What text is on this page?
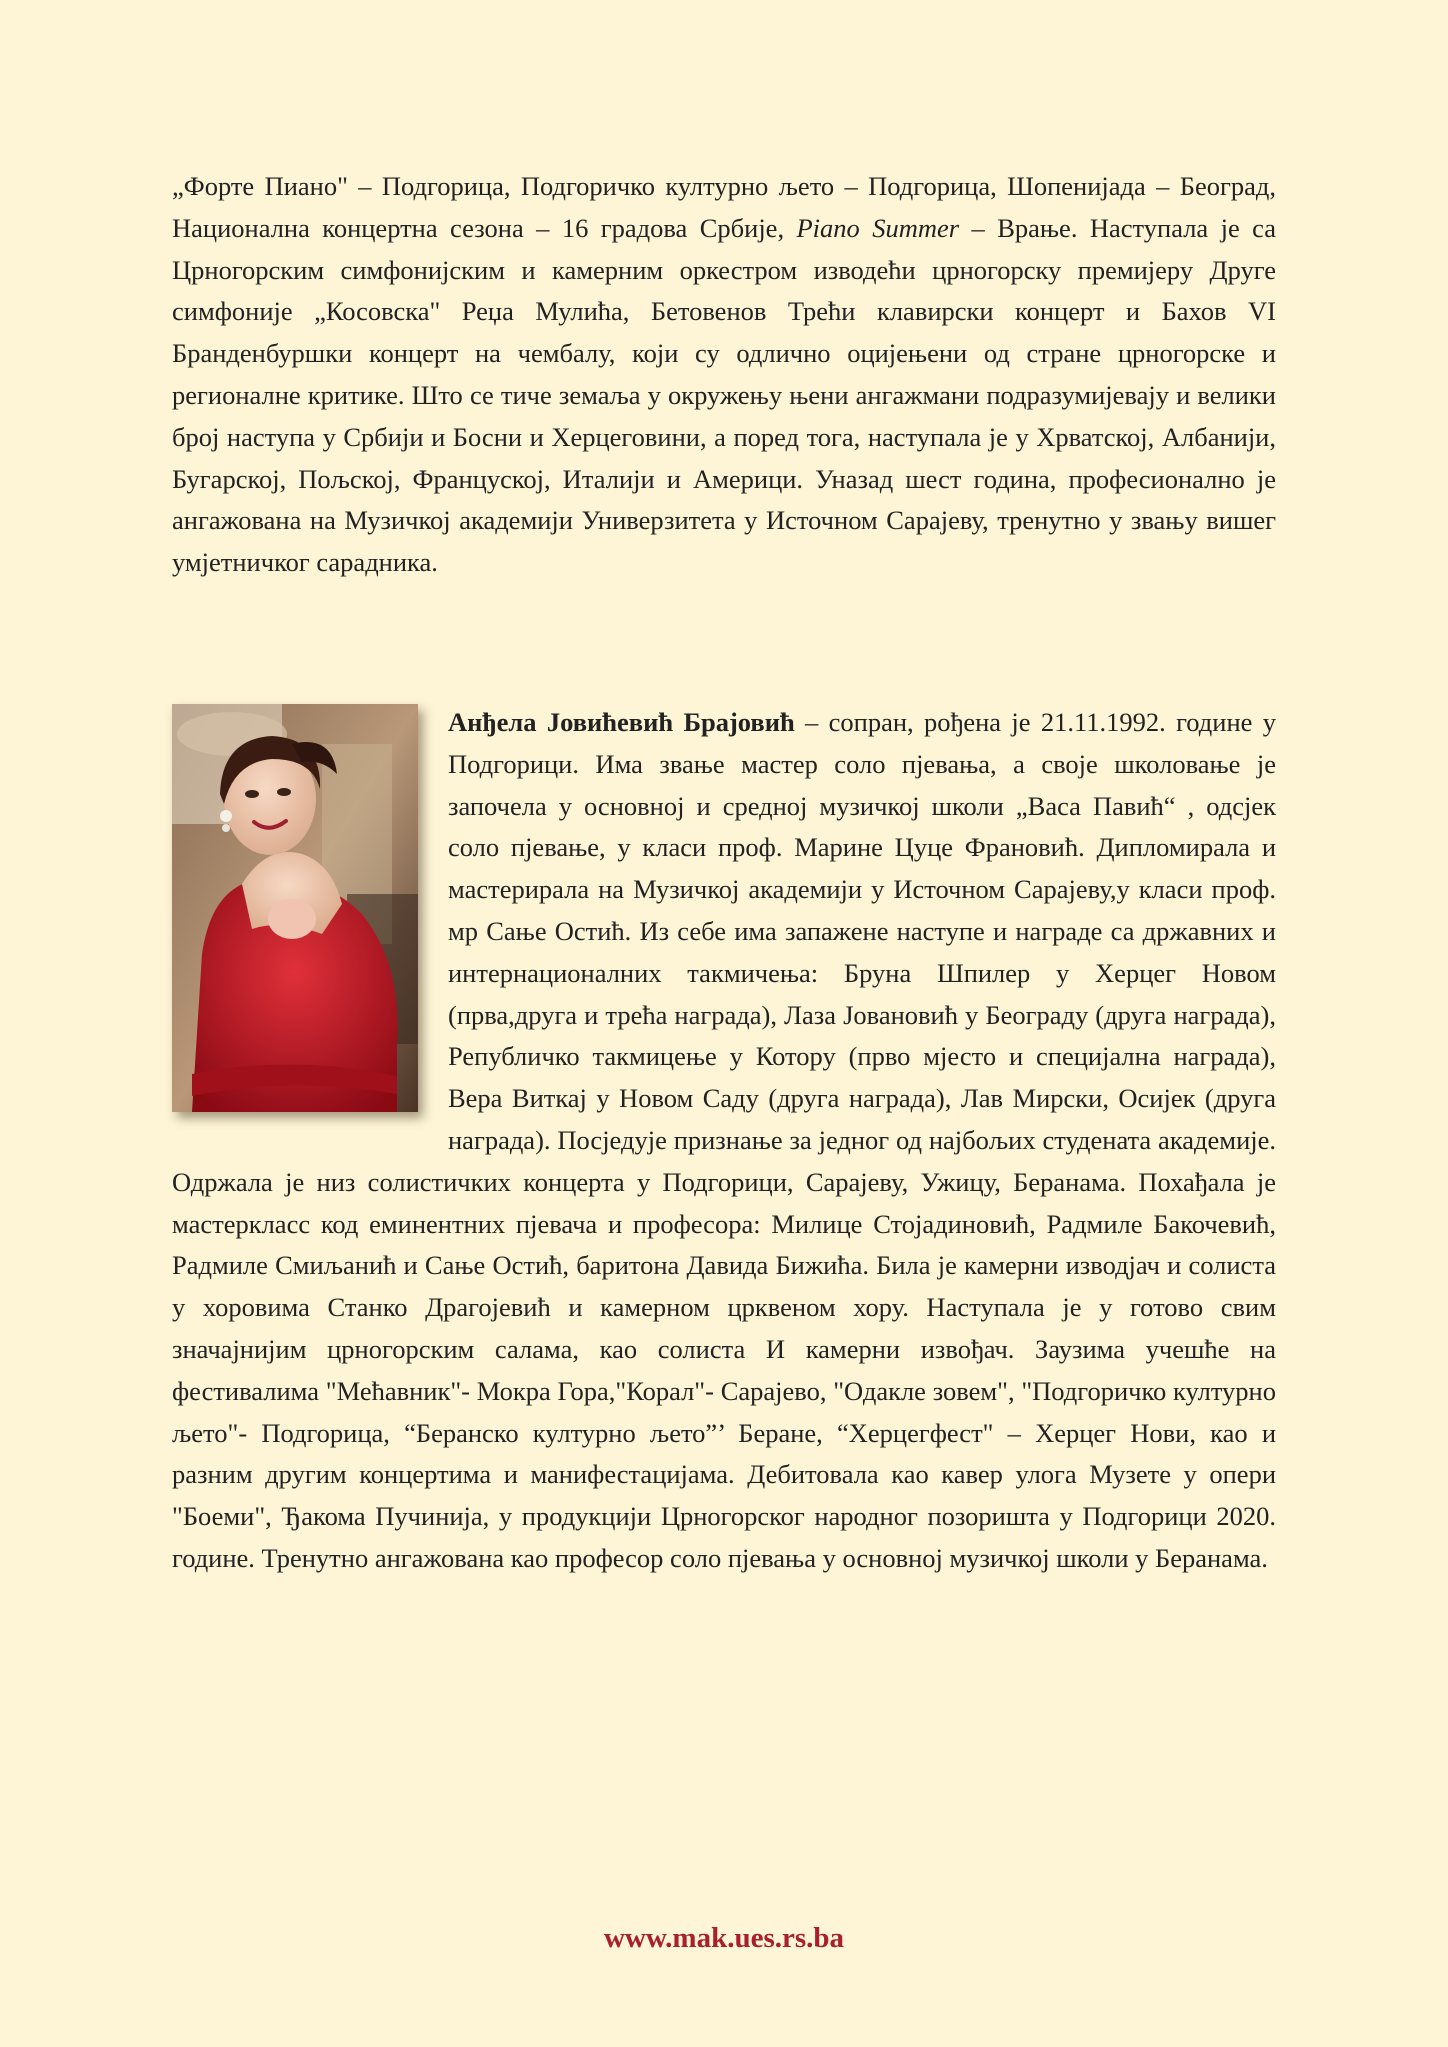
„Форте Пиано" – Подгорица, Подгоричко културно љето – Подгорица, Шопенијада – Београд, Национална концертна сезона – 16 градова Србије, Piano Summer – Врање. Наступала је са Црногорским симфонијским и камерним оркестром изводећи црногорску премијеру Друге симфоније „Косовска" Реџа Мулића, Бетовенов Трећи клавирски концерт и Бахов VI Бранденбуршки концерт на чембалу, који су одлично оцијењени од стране црногорске и регионалне критике. Што се тиче земаља у окружењу њени ангажмани подразумијевају и велики број наступа у Србији и Босни и Херцеговини, а поред тога, наступала је у Хрватској, Албанији, Бугарској, Пољској, Француској, Италији и Америци. Уназад шест година, професионално је ангажована на Музичкој академији Универзитета у Источном Сарајеву, тренутно у звању вишег умјетничког сарадника.

Анђела Јовићевић Брајовић – сопран, рођена је 21.11.1992. године у Подгорици. Има звање мастер соло пјевања, а своје школовање је започела у основној и средној музичкој школи „Васа Павић“ , одсјек соло пјевање, у класи проф. Марине Цуце Франовић. Дипломирала и мастерирала на Музичкој академији у Источном Сарајеву,у класи проф. мр Сање Остић. Из себе има запажене наступе и награде са државних и интернационалних такмичења: Бруна Шпилер у Херцег Новом (прва,друга и трећа награда), Лаза Јовановић у Београду (друга награда), Републичко такмицење у Котору (прво мјесто и специјална награда), Вера Виткај у Новом Саду (друга награда), Лав Мирски, Осијек (друга награда). Посједује признање за једног од најбољих студената академије. Одржала је низ солистичких концерта у Подгорици, Сарајеву, Ужицу, Беранама. Похађала је мастеркласс код еминентних пјевача и професора: Милице Стојадиновић, Радмиле Бакочевић, Радмиле Смиљанић и Сање Остић, баритона Давида Бижића. Била је камерни изводјач и солиста у хоровима Станко Драгојевић и камерном црквеном хору. Наступала је у готово свим значајнијим црногорским салама, као солиста И камерни извођач. Заузима учешће на фестивалима "Мећавник"- Мокра Гора,"Корал"- Сарајево, "Одакле зовем", "Подгоричко културно љето"- Подгорица, “Беранско културно љето”’ Беране, “Херцегфест" – Херцег Нови, као и разним другим концертима и манифестацијама. Дебитовала као кавер улога Музете у опери "Боеми", Ђакома Пучинија, у продукцији Црногорског народног позоришта у Подгорици 2020. године. Тренутно ангажована као професор соло пјевања у основној музичкој школи у Беранама.

www.mak.ues.rs.ba
